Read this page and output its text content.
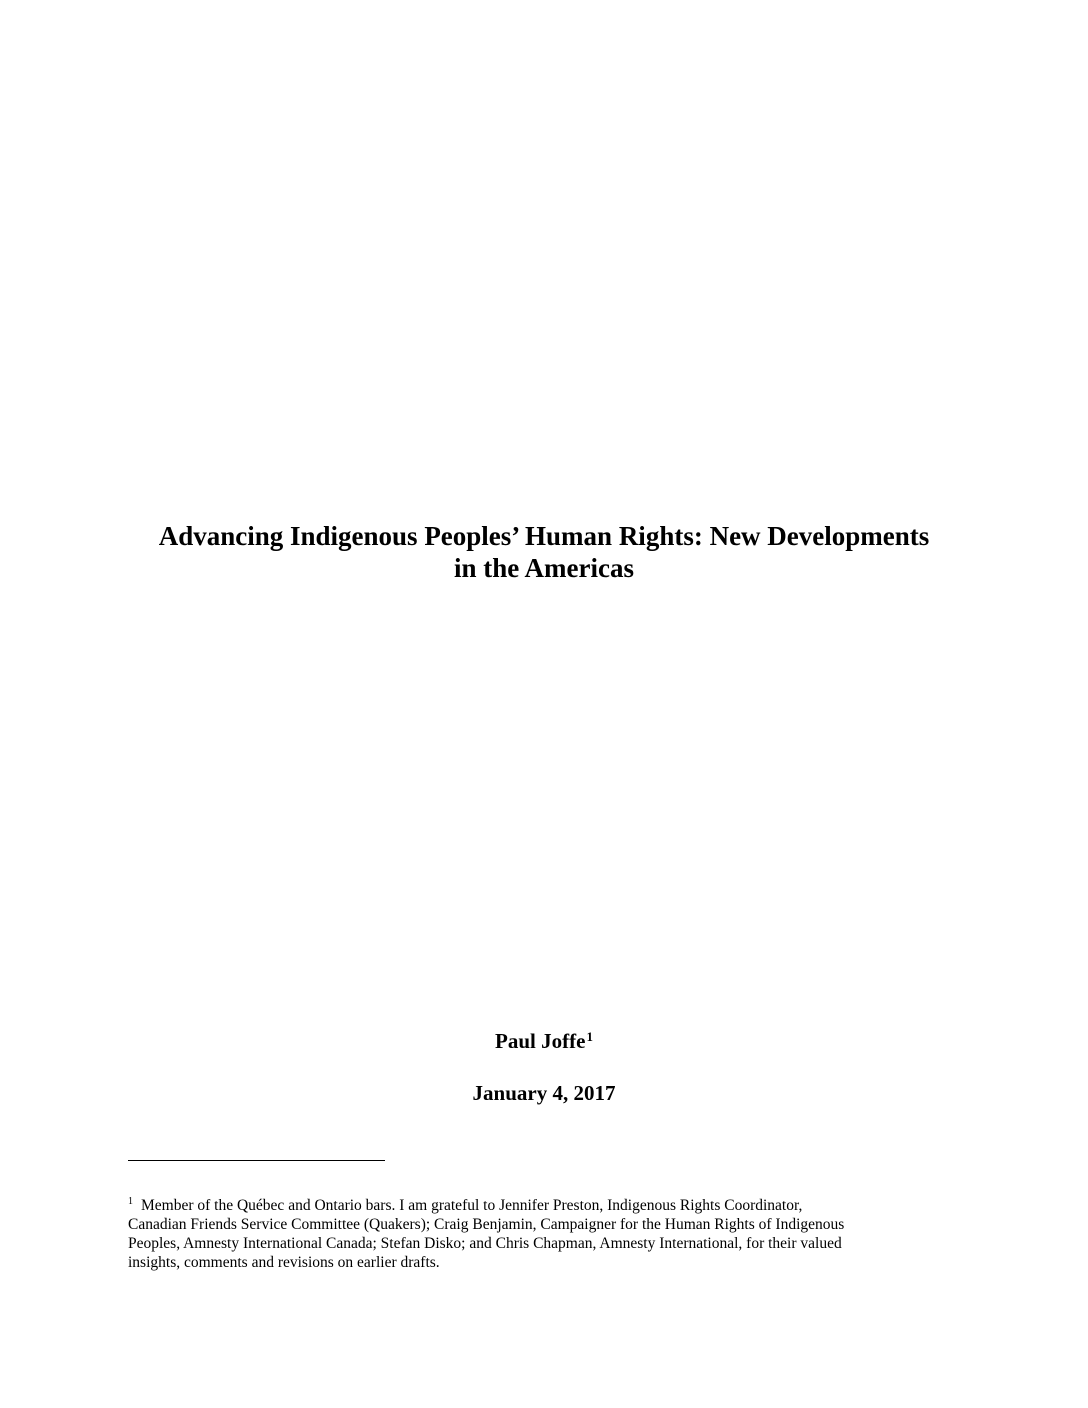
Advancing Indigenous Peoples’ Human Rights: New Developments
in the Americas
Paul Joffe$^1$
January 4, 2017
$^1$ Member of the Québec and Ontario bars. I am grateful to Jennifer Preston, Indigenous Rights Coordinator,
Canadian Friends Service Committee (Quakers); Craig Benjamin, Campaigner for the Human Rights of Indigenous
Peoples, Amnesty International Canada; Stefan Disko; and Chris Chapman, Amnesty International, for their valued
insights, comments and revisions on earlier drafts.
